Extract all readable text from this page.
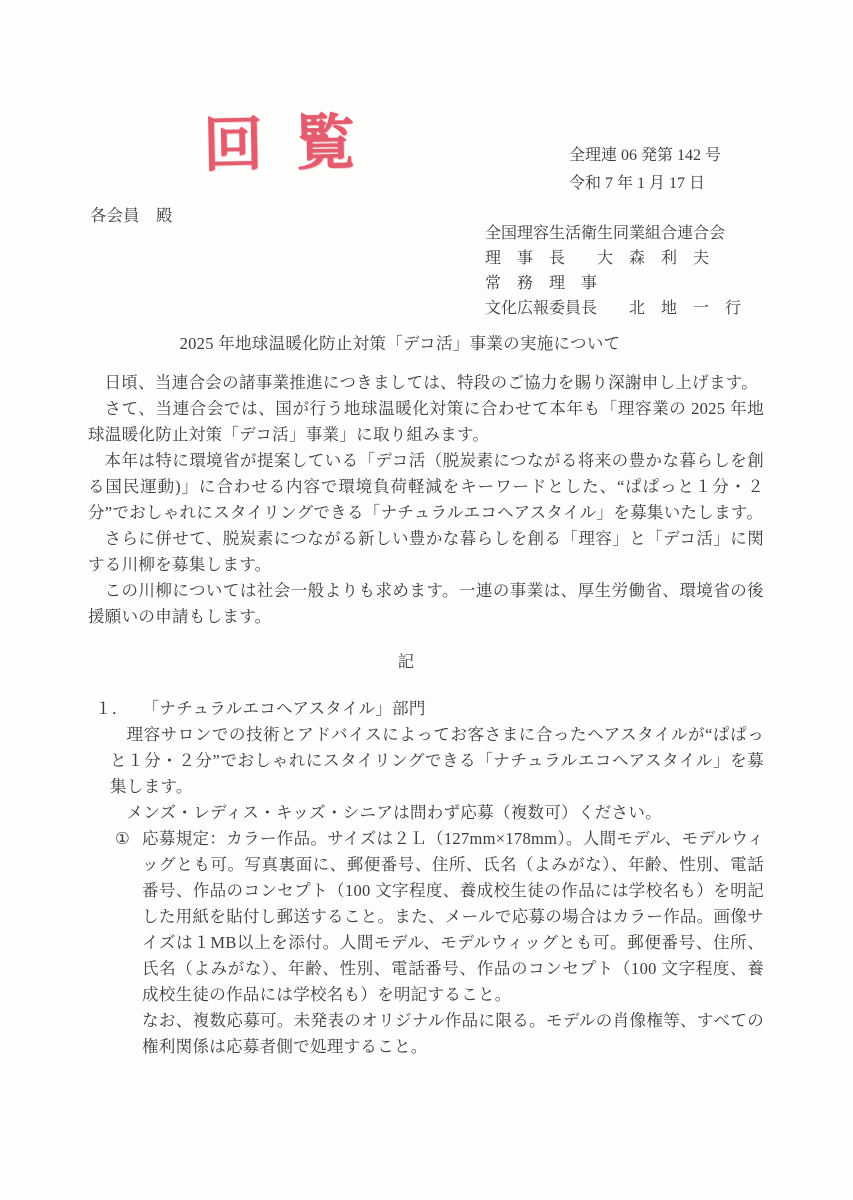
回覧	全理連 06 発第 142 号
令和 7 年 1 月 17 日
各会員　殿
全国理容生活衛生同業組合連合会
理　事　長　　大　森　利　夫
常　務　理　事
文化広報委員長　　北　地　一　行

2025 年地球温暖化防止対策「デコ活」事業の実施について

日頃、当連合会の諸事業推進につきましては、特段のご協力を賜り深謝申し上げます。

さて、当連合会では、国が行う地球温暖化対策に合わせて本年も「理容業の 2025 年地球温暖化防止対策「デコ活」事業」に取り組みます。

本年は特に環境省が提案している「デコ活（脱炭素につながる将来の豊かな暮らしを創る国民運動)」に合わせる内容で環境負荷軽減をキーワードとした、“ぱぱっと１分・２分”でおしゃれにスタイリングできる「ナチュラルエコヘアスタイル」を募集いたします。

さらに併せて、脱炭素につながる新しい豊かな暮らしを創る「理容」と「デコ活」に関する川柳を募集します。

この川柳については社会一般よりも求めます。一連の事業は、厚生労働省、環境省の後援願いの申請もします。

記

１． 「ナチュラルエコヘアスタイル」部門

理容サロンでの技術とアドバイスによってお客さまに合ったヘアスタイルが“ぱぱっと１分・２分”でおしゃれにスタイリングできる「ナチュラルエコヘアスタイル」を募集します。

メンズ・レディス・キッズ・シニアは問わず応募（複数可）ください。

① 応募規定：カラー作品。サイズは２Ｌ（127mm×178mm）。人間モデル、モデルウィッグとも可。写真裏面に、郵便番号、住所、氏名（よみがな）、年齢、性別、電話番号、作品のコンセプト（100 文字程度、養成校生徒の作品には学校名も）を明記した用紙を貼付し郵送すること。また、メールで応募の場合はカラー作品。画像サイズは１MB以上を添付。人間モデル、モデルウィッグとも可。郵便番号、住所、氏名（よみがな）、年齢、性別、電話番号、作品のコンセプト（100 文字程度、養成校生徒の作品には学校名も）を明記すること。

なお、複数応募可。未発表のオリジナル作品に限る。モデルの肖像権等、すべての権利関係は応募者側で処理すること。
